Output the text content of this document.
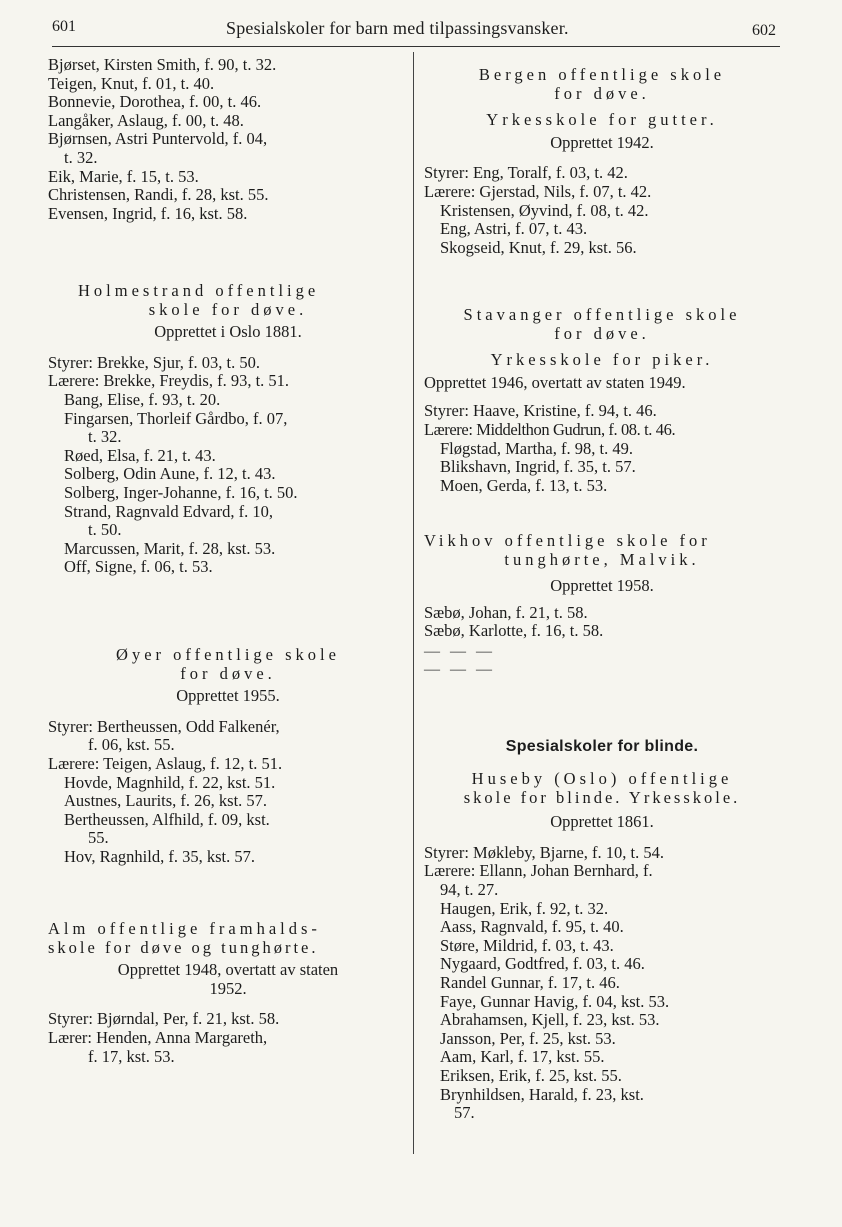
601	Spesialskoler for barn med tilpassingsvansker.	602
Bjørset, Kirsten Smith, f. 90, t. 32.
Teigen, Knut, f. 01, t. 40.
Bonnevie, Dorothea, f. 00, t. 46.
Langåker, Aslaug, f. 00, t. 48.
Bjørnsen, Astri Puntervold, f. 04,
t. 32.
Eik, Marie, f. 15, t. 53.
Christensen, Randi, f. 28, kst. 55.
Evensen, Ingrid, f. 16, kst. 58.
Holmestrand offentlige
skole for døve.
Opprettet i Oslo 1881.
Styrer: Brekke, Sjur, f. 03, t. 50.
Lærere: Brekke, Freydis, f. 93, t. 51.
Bang, Elise, f. 93, t. 20.
Fingarsen, Thorleif Gårdbo, f. 07,
t. 32.
Røed, Elsa, f. 21, t. 43.
Solberg, Odin Aune, f. 12, t. 43.
Solberg, Inger-Johanne, f. 16, t. 50.
Strand, Ragnvald Edvard, f. 10,
t. 50.
Marcussen, Marit, f. 28, kst. 53.
Off, Signe, f. 06, t. 53.
Øyer offentlige skole
for døve.
Opprettet 1955.
Styrer: Bertheussen, Odd Falkenér,
f. 06, kst. 55.
Lærere: Teigen, Aslaug, f. 12, t. 51.
Hovde, Magnhild, f. 22, kst. 51.
Austnes, Laurits, f. 26, kst. 57.
Bertheussen, Alfhild, f. 09, kst.
55.
Hov, Ragnhild, f. 35, kst. 57.
Alm offentlige framhalds-
skole for døve og tunghørte.
Opprettet 1948, overtatt av staten
1952.
Styrer: Bjørndal, Per, f. 21, kst. 58.
Lærer: Henden, Anna Margareth,
f. 17, kst. 53.
Bergen offentlige skole
for døve.
Yrkesskole for gutter.
Opprettet 1942.
Styrer: Eng, Toralf, f. 03, t. 42.
Lærere: Gjerstad, Nils, f. 07, t. 42.
Kristensen, Øyvind, f. 08, t. 42.
Eng, Astri, f. 07, t. 43.
Skogseid, Knut, f. 29, kst. 56.
Stavanger offentlige skole
for døve.
Yrkesskole for piker.
Opprettet 1946, overtatt av staten 1949.
Styrer: Haave, Kristine, f. 94, t. 46.
Lærere: Middelthon Gudrun, f. 08. t. 46.
Fløgstad, Martha, f. 98, t. 49.
Blikshavn, Ingrid, f. 35, t. 57.
Moen, Gerda, f. 13, t. 53.
Vikhov offentlige skole for
tunghørte, Malvik.
Opprettet 1958.
Sæbø, Johan, f. 21, t. 58.
Sæbø, Karlotte, f. 16, t. 58.
— — —
— — —
Spesialskoler for blinde.
Huseby (Oslo) offentlige
skole for blinde. Yrkesskole.
Opprettet 1861.
Styrer: Møkleby, Bjarne, f. 10, t. 54.
Lærere: Ellann, Johan Bernhard, f.
94, t. 27.
Haugen, Erik, f. 92, t. 32.
Aass, Ragnvald, f. 95, t. 40.
Støre, Mildrid, f. 03, t. 43.
Nygaard, Godtfred, f. 03, t. 46.
Randel Gunnar, f. 17, t. 46.
Faye, Gunnar Havig, f. 04, kst. 53.
Abrahamsen, Kjell, f. 23, kst. 53.
Jansson, Per, f. 25, kst. 53.
Aam, Karl, f. 17, kst. 55.
Eriksen, Erik, f. 25, kst. 55.
Brynhildsen, Harald, f. 23, kst.
57.
